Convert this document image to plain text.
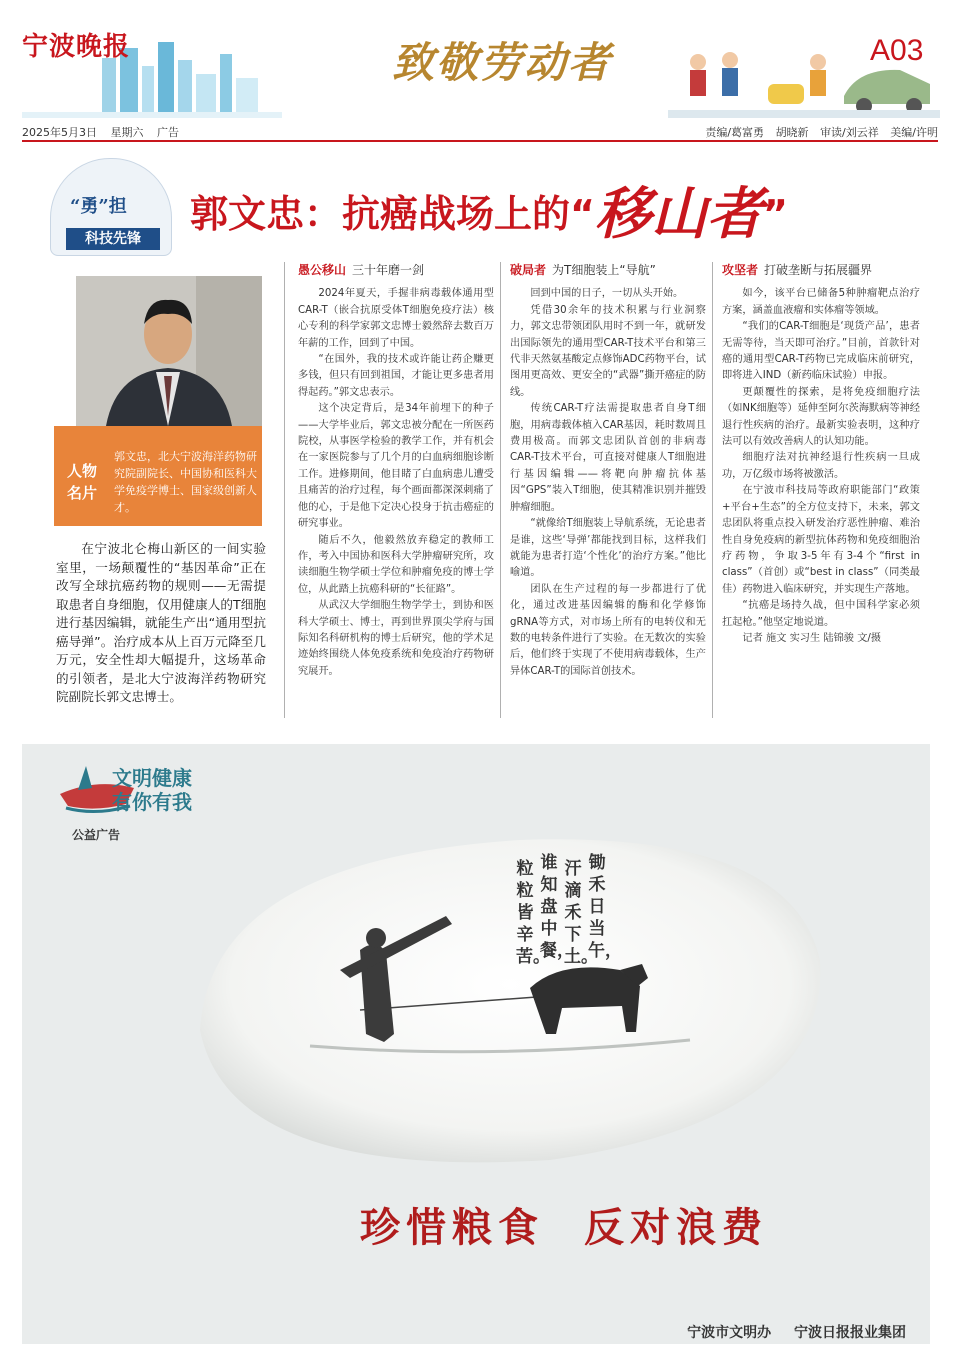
宁波晚报	致敬劳动者	A03
2025年5月3日 星期六 广告	责编/葛富勇 胡晓新 审读/刘云祥 美编/许明
“勇”担
科技先锋
郭文忠：抗癌战场上的“移山者”
人物
名片
郭文忠，北大宁波海洋药物研究院副院长、中国协和医科大学免疫学博士、国家级创新人才。
在宁波北仑梅山新区的一间实验室里，一场颠覆性的“基因革命”正在改写全球抗癌药物的规则——无需提取患者自身细胞，仅用健康人的T细胞进行基因编辑，就能生产出“通用型抗癌导弹”。治疗成本从上百万元降至几万元，安全性却大幅提升，这场革命的引领者，是北大宁波海洋药物研究院副院长郭文忠博士。
愚公移山 三十年磨一剑

2024年夏天，手握非病毒载体通用型CAR-T（嵌合抗原受体T细胞免疫疗法）核心专利的科学家郭文忠博士毅然辞去数百万年薪的工作，回到了中国。

“在国外，我的技术或许能让药企赚更多钱，但只有回到祖国，才能让更多患者用得起药。”郭文忠表示。

这个决定背后，是34年前埋下的种子——大学毕业后，郭文忠被分配在一所医药院校，从事医学检验的教学工作，并有机会在一家医院参与了几个月的白血病细胞诊断工作。进修期间，他目睹了白血病患儿遭受且痛苦的治疗过程，每个画面都深深刺痛了他的心，于是他下定决心投身于抗击癌症的研究事业。

随后不久，他毅然放弃稳定的教师工作，考入中国协和医科大学肿瘤研究所，攻读细胞生物学硕士学位和肿瘤免疫的博士学位，从此踏上抗癌科研的“长征路”。

从武汉大学细胞生物学学士，到协和医科大学硕士、博士，再到世界顶尖学府与国际知名科研机构的博士后研究，他的学术足迹始终围绕人体免疫系统和免疫治疗药物研究展开。

破局者 为T细胞装上“导航”

回到中国的日子，一切从头开始。

凭借30余年的技术积累与行业洞察力，郭文忠带领团队用时不到一年，就研发出国际领先的通用型CAR-T技术平台和第三代非天然氨基酸定点修饰ADC药物平台，试图用更高效、更安全的“武器”撕开癌症的防线。

传统CAR-T疗法需提取患者自身T细胞，用病毒载体植入CAR基因，耗时数周且费用极高。而郭文忠团队首创的非病毒CAR-T技术平台，可直接对健康人T细胞进行基因编辑——将靶向肿瘤抗体基因“GPS”装入T细胞，使其精准识别并摧毁肿瘤细胞。

“就像给T细胞装上导航系统，无论患者是谁，这些‘导弹’都能找到目标，这样我们就能为患者打造‘个性化’的治疗方案。”他比喻道。

团队在生产过程的每一步都进行了优化，通过改进基因编辑的酶和化学修饰gRNA等方式，对市场上所有的电转仪和无数的电转条件进行了实验。在无数次的实验后，他们终于实现了不使用病毒载体，生产异体CAR-T的国际首创技术。

攻坚者 打破垄断与拓展疆界

如今，该平台已储备5种肿瘤靶点治疗方案，涵盖血液瘤和实体瘤等领域。

“我们的CAR-T细胞是‘现货产品’，患者无需等待，当天即可治疗。”目前，首款针对癌的通用型CAR-T药物已完成临床前研究，即将进入IND（新药临床试验）申报。

更颠覆性的探索，是将免疫细胞疗法（如NK细胞等）延伸至阿尔茨海默病等神经退行性疾病的治疗。最新实验表明，这种疗法可以有效改善病人的认知功能。

细胞疗法对抗神经退行性疾病一旦成功，万亿级市场将被激活。

在宁波市科技局等政府职能部门“政策+平台+生态”的全方位支持下，未来，郭文忠团队将重点投入研发治疗恶性肿瘤、难治性自身免疫病的新型抗体药物和免疫细胞治疗药物，争取3-5年有3-4个“first in class”（首创）或“best in class”（同类最佳）药物进入临床研究，并实现生产落地。

“抗癌是场持久战，但中国科学家必须扛起枪。”他坚定地说道。

记者 施文 实习生 陆锦骏 文/摄

文明健康
有你有我
公益广告
锄禾日当午，
汗滴禾下土。
谁知盘中餐，
粒粒皆辛苦。
珍惜粮食 反对浪费
宁波市文明办 宁波日报报业集团
